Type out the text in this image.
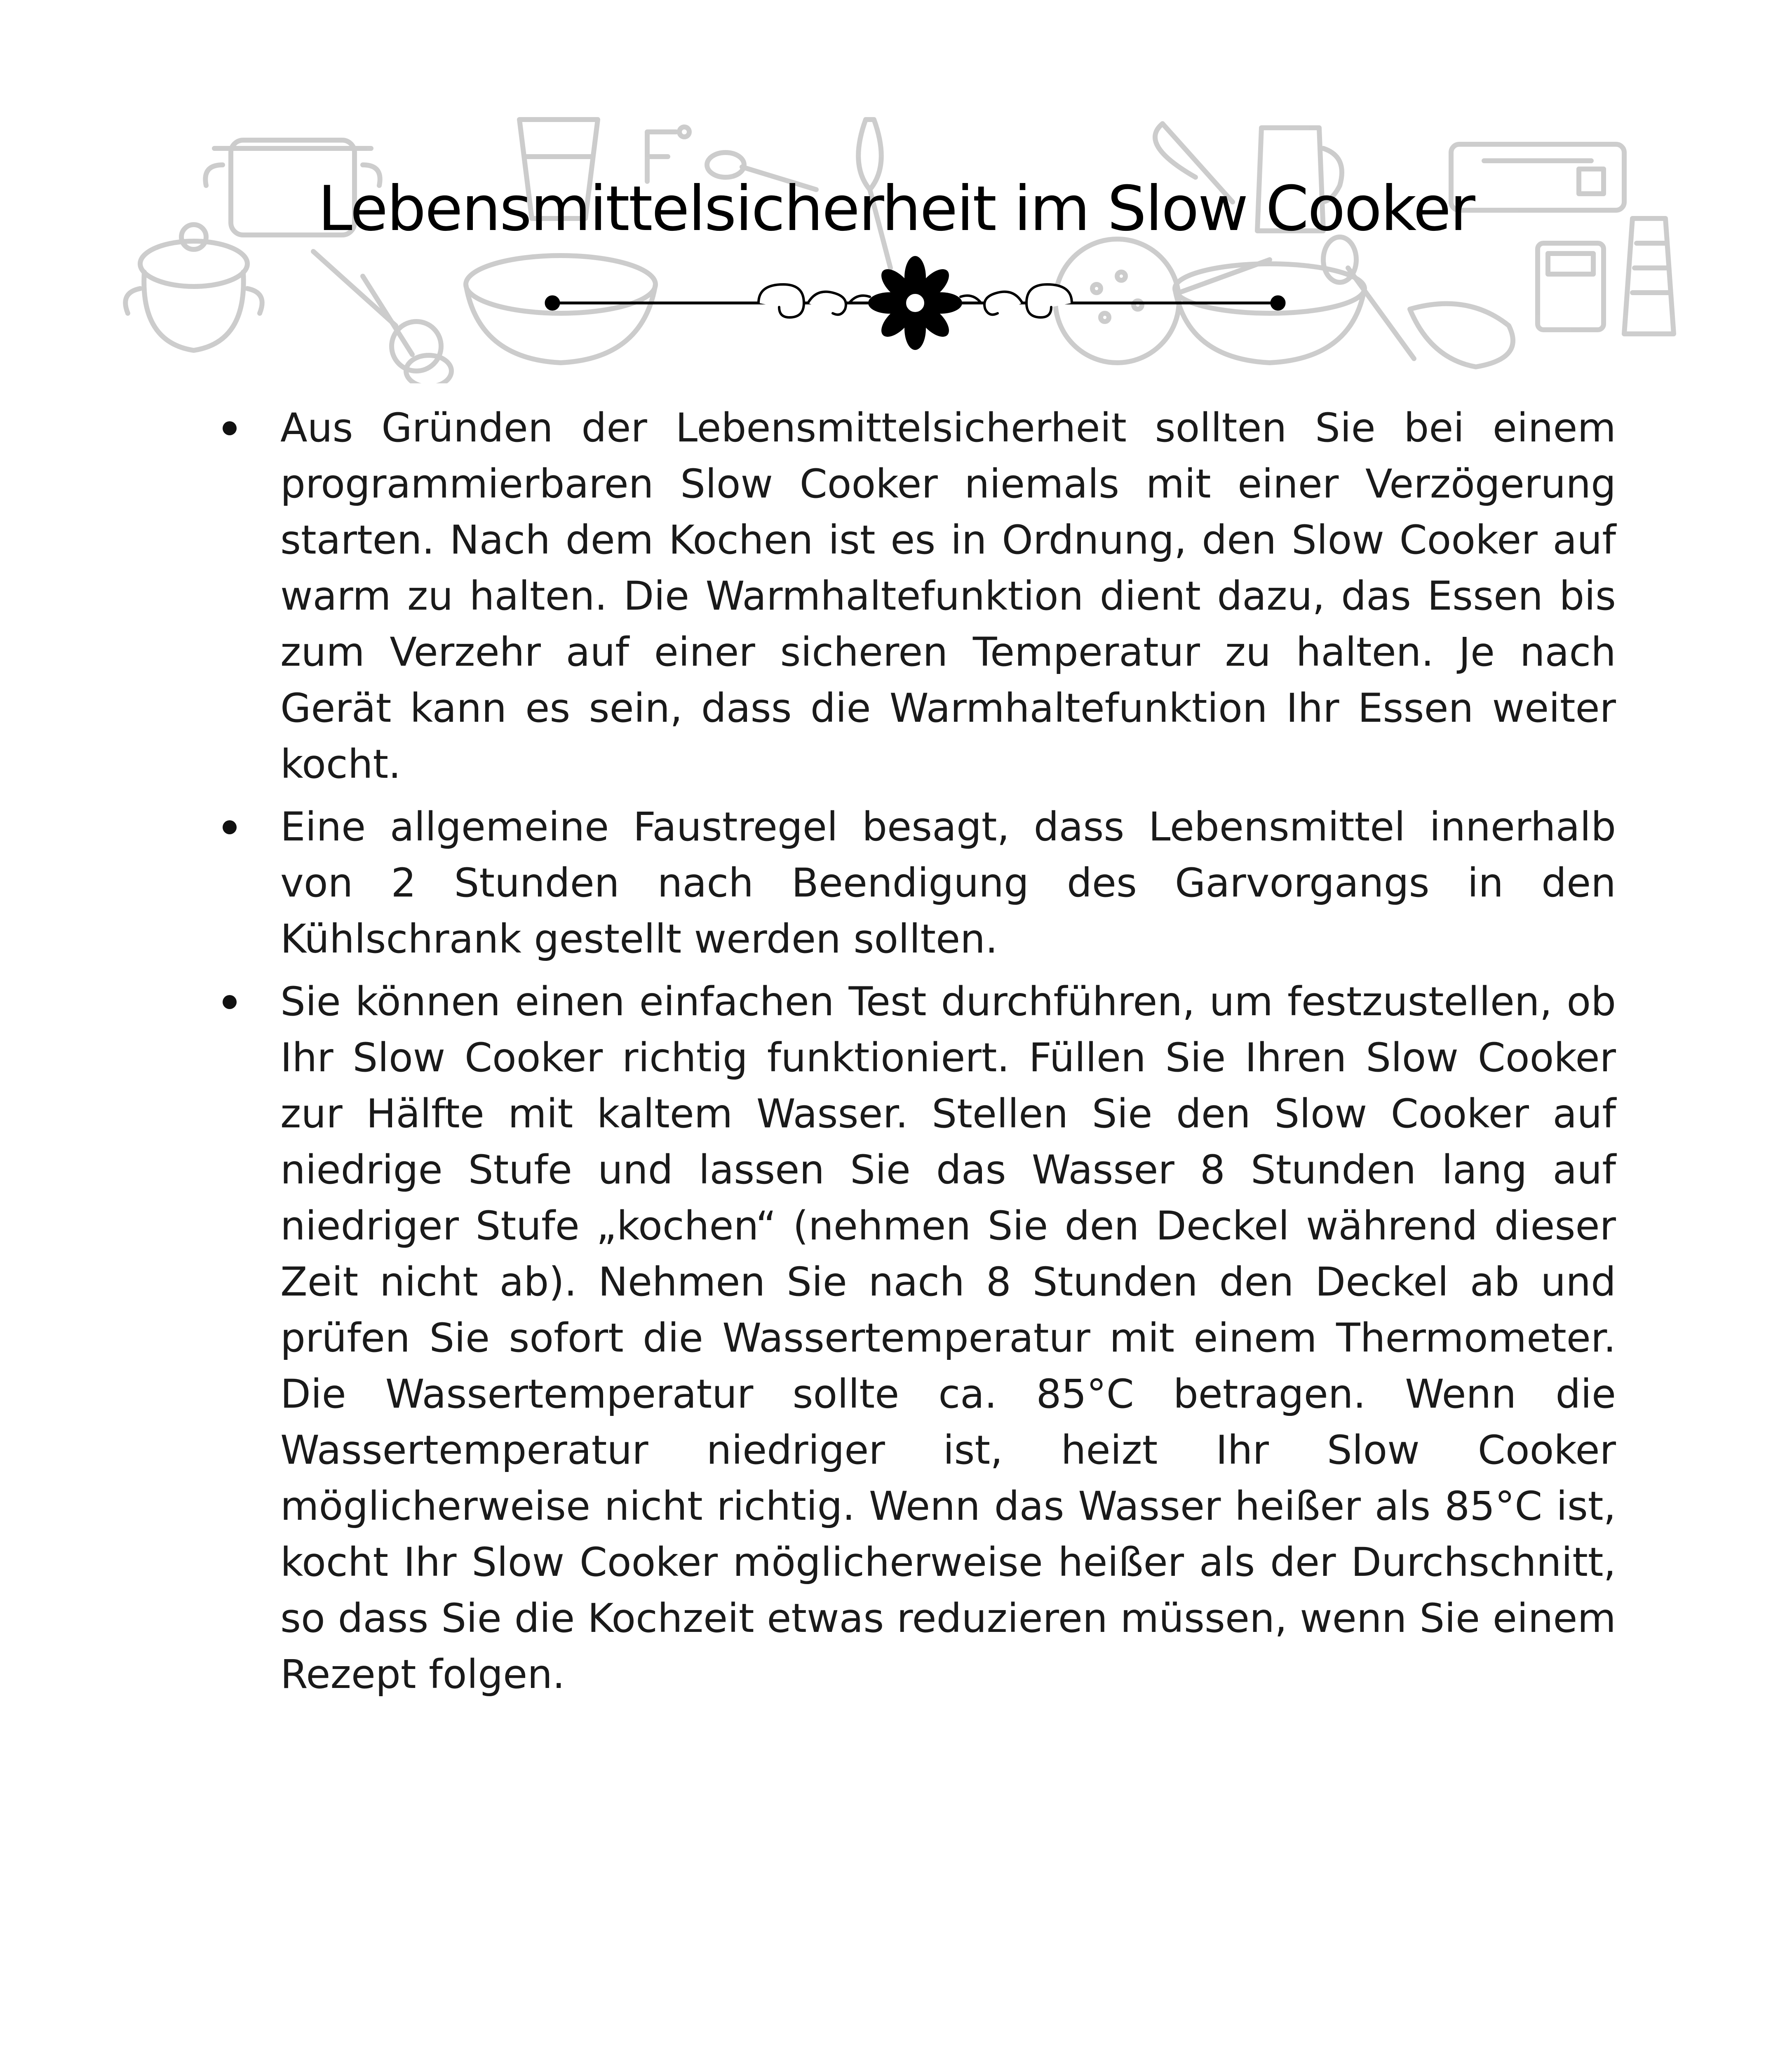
Lebensmittelsicherheit im Slow Cooker
Aus Gründen der Lebensmittelsicherheit sollten Sie bei einem programmierbaren Slow Cooker niemals mit einer Verzögerung starten. Nach dem Kochen ist es in Ordnung, den Slow Cooker auf warm zu halten. Die Warmhaltefunktion dient dazu, das Essen bis zum Verzehr auf einer sicheren Temperatur zu halten. Je nach Gerät kann es sein, dass die Warmhaltefunktion Ihr Essen weiter kocht.
Eine allgemeine Faustregel besagt, dass Lebensmittel innerhalb von 2 Stunden nach Beendigung des Garvorgangs in den Kühlschrank gestellt werden sollten.
Sie können einen einfachen Test durchführen, um festzustellen, ob Ihr Slow Cooker richtig funktioniert. Füllen Sie Ihren Slow Cooker zur Hälfte mit kaltem Wasser. Stellen Sie den Slow Cooker auf niedrige Stufe und lassen Sie das Wasser 8 Stunden lang auf niedriger Stufe „kochen“ (nehmen Sie den Deckel während dieser Zeit nicht ab). Nehmen Sie nach 8 Stunden den Deckel ab und prüfen Sie sofort die Wassertemperatur mit einem Thermometer. Die Wassertemperatur sollte ca. 85°C betragen. Wenn die Wassertemperatur niedriger ist, heizt Ihr Slow Cooker möglicherweise nicht richtig. Wenn das Wasser heißer als 85°C ist, kocht Ihr Slow Cooker möglicherweise heißer als der Durchschnitt, so dass Sie die Kochzeit etwas reduzieren müssen, wenn Sie einem Rezept folgen.
